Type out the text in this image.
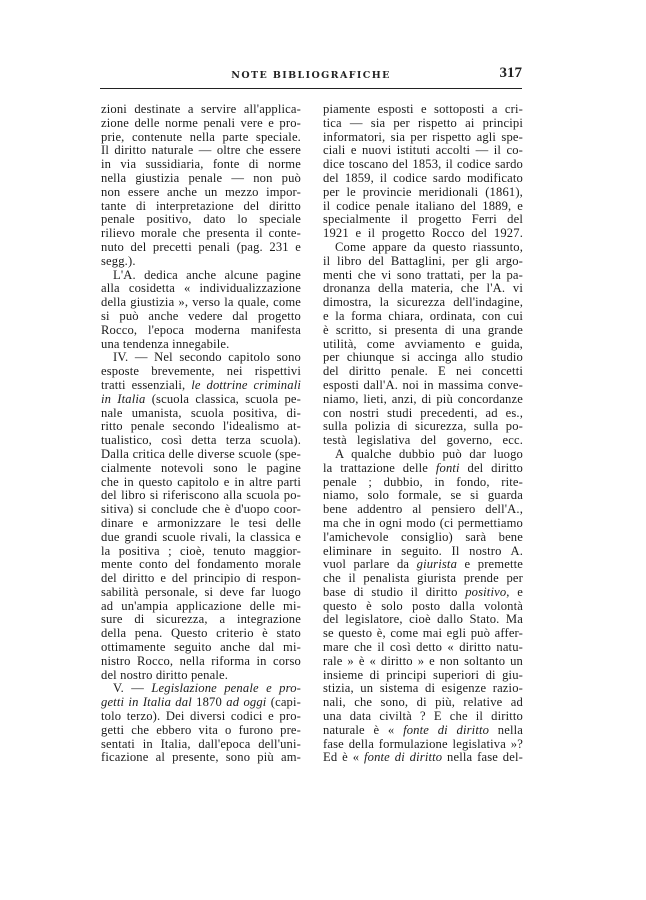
NOTE BIBLIOGRAFICHE	317
zioni destinate a servire all'applica-
zione delle norme penali vere e pro-
prie, contenute nella parte speciale.
Il diritto naturale — oltre che essere
in via sussidiaria, fonte di norme
nella giustizia penale — non può
non essere anche un mezzo impor-
tante di interpretazione del diritto
penale positivo, dato lo speciale
rilievo morale che presenta il conte-
nuto del precetti penali (pag. 231 e
segg.).
L'A. dedica anche alcune pagine
alla cosidetta « individualizzazione
della giustizia », verso la quale, come
si può anche vedere dal progetto
Rocco, l'epoca moderna manifesta
una tendenza innegabile.
IV. — Nel secondo capitolo sono
esposte brevemente, nei rispettivi
tratti essenziali, le dottrine criminali
in Italia (scuola classica, scuola pe-
nale umanista, scuola positiva, di-
ritto penale secondo l'idealismo at-
tualistico, così detta terza scuola).
Dalla critica delle diverse scuole (spe-
cialmente notevoli sono le pagine
che in questo capitolo e in altre parti
del libro si riferiscono alla scuola po-
sitiva) si conclude che è d'uopo coor-
dinare e armonizzare le tesi delle
due grandi scuole rivali, la classica e
la positiva ; cioè, tenuto maggior-
mente conto del fondamento morale
del diritto e del principio di respon-
sabilità personale, si deve far luogo
ad un'ampia applicazione delle mi-
sure di sicurezza, a integrazione
della pena. Questo criterio è stato
ottimamente seguito anche dal mi-
nistro Rocco, nella riforma in corso
del nostro diritto penale.
V. — Legislazione penale e pro-
getti in Italia dal 1870 ad oggi (capi-
tolo terzo). Dei diversi codici e pro-
getti che ebbero vita o furono pre-
sentati in Italia, dall'epoca dell'uni-
ficazione al presente, sono più am-
piamente esposti e sottoposti a cri-
tica — sia per rispetto ai principi
informatori, sia per rispetto agli spe-
ciali e nuovi istituti accolti — il co-
dice toscano del 1853, il codice sardo
del 1859, il codice sardo modificato
per le provincie meridionali (1861),
il codice penale italiano del 1889, e
specialmente il progetto Ferri del
1921 e il progetto Rocco del 1927.
Come appare da questo riassunto,
il libro del Battaglini, per gli argo-
menti che vi sono trattati, per la pa-
dronanza della materia, che l'A. vi
dimostra, la sicurezza dell'indagine,
e la forma chiara, ordinata, con cui
è scritto, si presenta di una grande
utilità, come avviamento e guida,
per chiunque si accinga allo studio
del diritto penale. E nei concetti
esposti dall'A. noi in massima conve-
niamo, lieti, anzi, di più concordanze
con nostri studi precedenti, ad es.,
sulla polizia di sicurezza, sulla po-
testà legislativa del governo, ecc.
A qualche dubbio può dar luogo
la trattazione delle fonti del diritto
penale ; dubbio, in fondo, rite-
niamo, solo formale, se si guarda
bene addentro al pensiero dell'A.,
ma che in ogni modo (ci permettiamo
l'amichevole consiglio) sarà bene
eliminare in seguito. Il nostro A.
vuol parlare da giurista e premette
che il penalista giurista prende per
base di studio il diritto positivo, e
questo è solo posto dalla volontà
del legislatore, cioè dallo Stato. Ma
se questo è, come mai egli può affer-
mare che il così detto « diritto natu-
rale » è « diritto » e non soltanto un
insieme di principi superiori di giu-
stizia, un sistema di esigenze razio-
nali, che sono, di più, relative ad
una data civiltà ? E che il diritto
naturale è « fonte di diritto nella
fase della formulazione legislativa »?
Ed è « fonte di diritto nella fase del-
